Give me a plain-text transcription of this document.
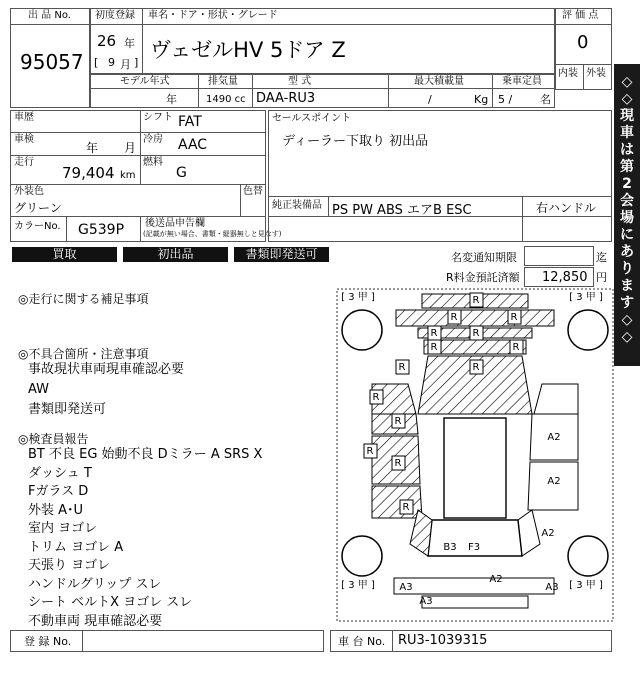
出 品 No.
95057
初度登録 車名・ドア・形状・グレード
26 年
[ 9 月 ]
ヴェゼルHV 5ドア Z
評 価 点
0
内装 外装
モデル年式
年
排気量
1490 cc
型 式
DAA-RU3
最大積載量
/	Kg
乗車定員
5 /	名
車歴	シフト FAT
車検
年 月
冷房 AAC
走行
79,404 km
燃料
G
外装色
グリーン
色替
カラーNo. G539P 後送品申告欄
(記載が無い場合、書類・縦器無しと見なす)
セールスポイント
ディーラー下取り 初出品
純正装備品 PS PW ABS エアB ESC	右ハンドル
買取	初出品	書類即発送可	名変通知期限	迄
R料金預託済額 12,850 円
◇
◇
現
車
は
第
2
会
場
に
あ
り
ま
す
◇
◇
◎走行に関する補足事項
◎不具合箇所・注意事項
事故現状車両現車確認必要
AW
書類即発送可
◎検査員報告
BT 不良 EG 始動不良 Dミラー A SRS X
ダッシュ T
Fガラス D
外装 A･U
室内 ヨゴレ
トリム ヨゴレ A
天張り ヨゴレ
ハンドルグリップ スレ
シート ベルトX ヨゴレ スレ
不動車両 現車確認必要
[ 3 甲 ]	[ 3 甲 ]
[ 3 甲 ]	[ 3 甲 ]
R
R	R
R	R
R	R
R
R
R
R
R
R
R
A2
A2
A2
A2
A3	A3
A3
B3 F3
登 録 No.	車 台 No. RU3-1039315
